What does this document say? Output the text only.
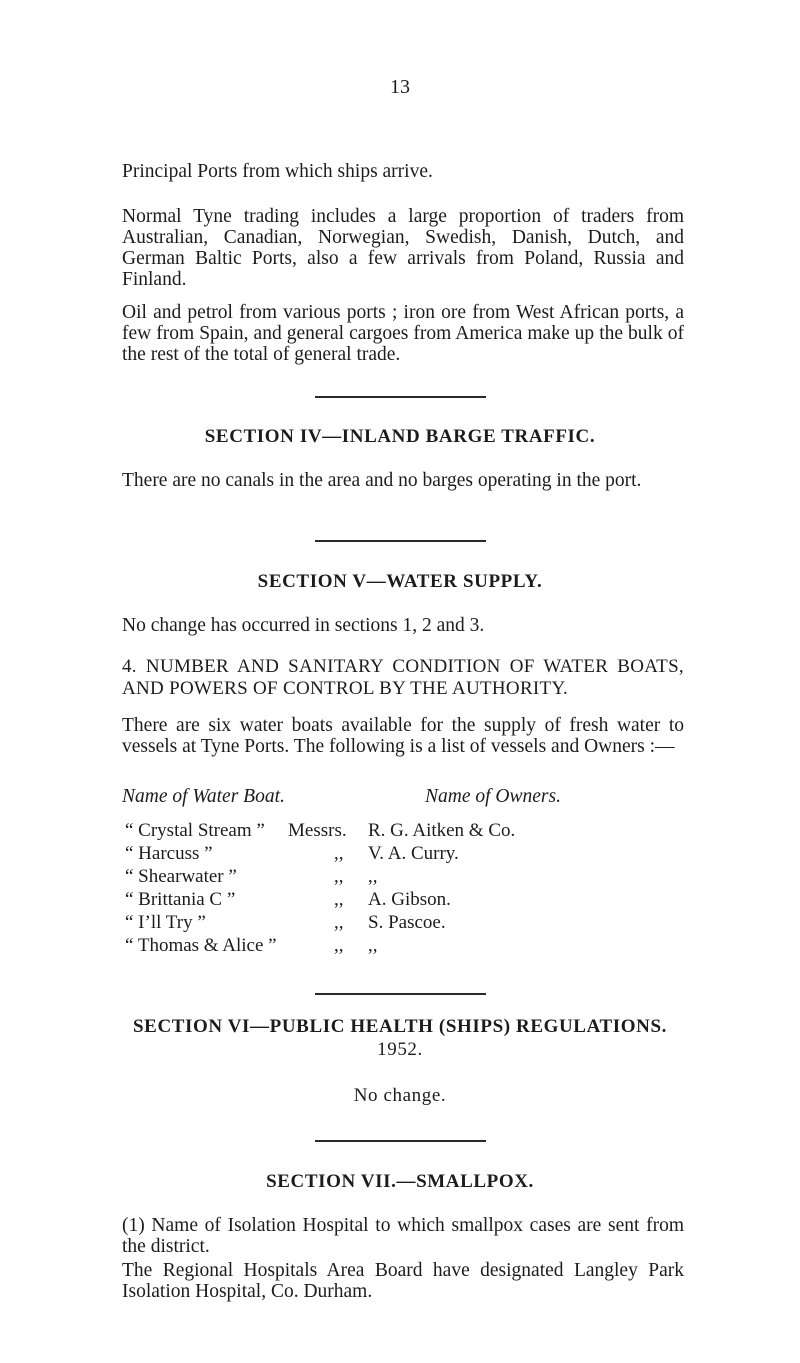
13

Principal Ports from which ships arrive.

Normal Tyne trading includes a large proportion of traders from Australian, Canadian, Norwegian, Swedish, Danish, Dutch, and German Baltic Ports, also a few arrivals from Poland, Russia and Finland.

Oil and petrol from various ports ; iron ore from West African ports, a few from Spain, and general cargoes from America make up the bulk of the rest of the total of general trade.

SECTION IV—INLAND BARGE TRAFFIC.

There are no canals in the area and no barges operating in the port.

SECTION V—WATER SUPPLY.

No change has occurred in sections 1, 2 and 3.

4. NUMBER AND SANITARY CONDITION OF WATER BOATS, AND POWERS OF CONTROL BY THE AUTHORITY.

There are six water boats available for the supply of fresh water to vessels at Tyne Ports. The following is a list of vessels and Owners :—

Name of Water Boat.	Name of Owners.
“ Crystal Stream ” Messrs. R. G. Aitken & Co.
“ Harcuss ”	,, V. A. Curry.
“ Shearwater ”	,, ,,
“ Brittania C ”	,, A. Gibson.
“ I’ll Try ”	,, S. Pascoe.
“ Thomas & Alice ”	,, ,,
SECTION VI—PUBLIC HEALTH (SHIPS) REGULATIONS.
1952.
No change.
SECTION VII.—SMALLPOX.

(1) Name of Isolation Hospital to which smallpox cases are sent from the district.

The Regional Hospitals Area Board have designated Langley Park Isolation Hospital, Co. Durham.
